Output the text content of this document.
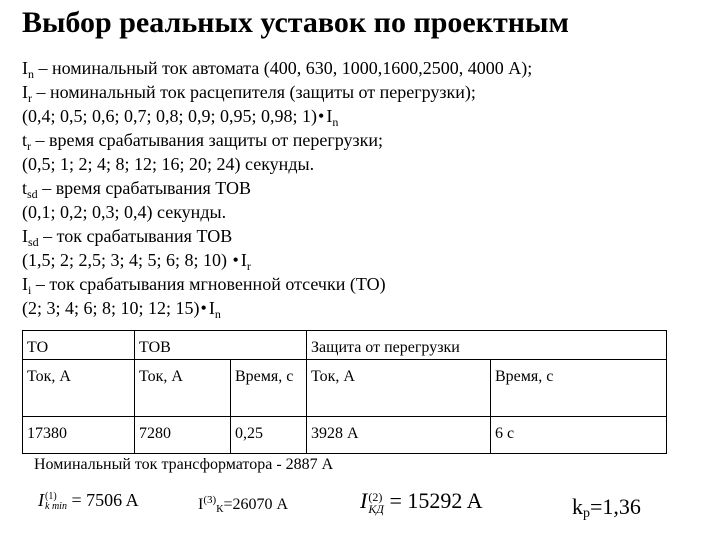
Выбор реальных уставок по проектным
$I_n$ – номинальный ток автомата (400, 630, 1000,1600,2500, 4000 А);
$I_r$ – номинальный ток расцепителя (защиты от перегрузки);
(0,4; 0,5; 0,6; 0,7; 0,8; 0,9; 0,95; 0,98; 1)• $I_n$
$t_r$ – время срабатывания защиты от перегрузки;
(0,5; 1; 2; 4; 8; 12; 16; 20; 24) секунды.
$t_{sd}$ – время срабатывания ТОВ
(0,1; 0,2; 0,3; 0,4) секунды.
$I_{sd}$ – ток срабатывания ТОВ
(1,5; 2; 2,5; 3; 4; 5; 6; 8; 10) • $I_r$
$I_i$ – ток срабатывания мгновенной отсечки (ТО)
(2; 3; 4; 6; 8; 10; 12; 15)• $I_n$
ТО	ТОВ		Защита от перегрузки	
Ток, А	Ток, А	Время, с	Ток, А	Время, с
17380	7280	0,25	3928 А	6 с
Номинальный ток трансформатора - 2887 А
I (1)
k min = 7506 A	$I^{(3)}К=26070$ А	I (2)
КД = 15292 A	kp=1,36
